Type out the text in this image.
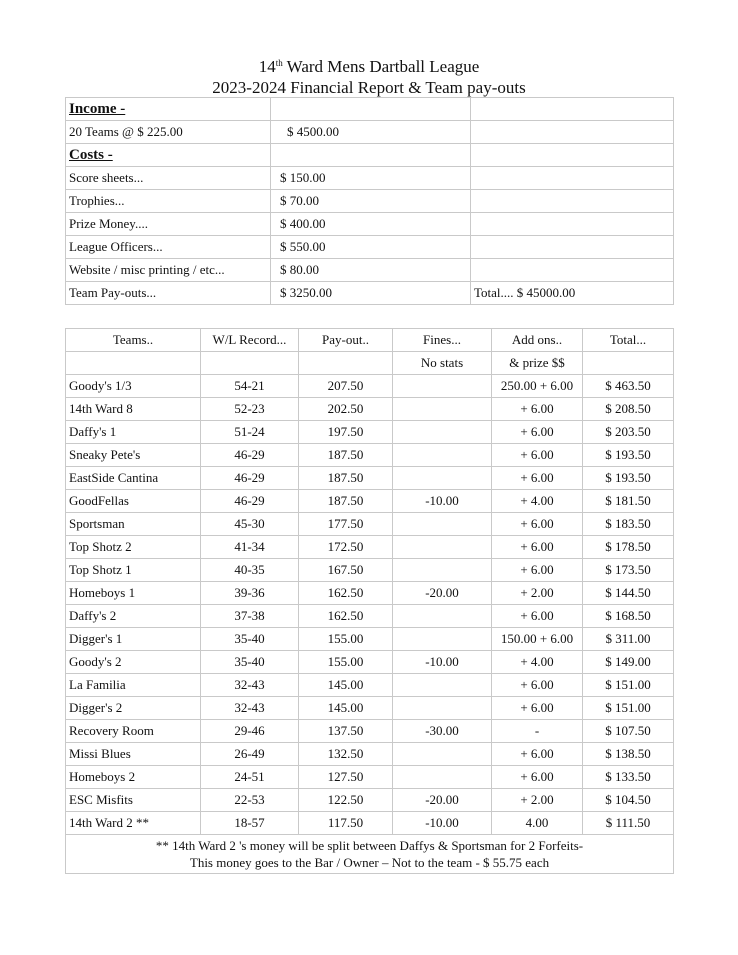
14th Ward Mens Dartball League
2023-2024 Financial Report & Team pay-outs
Income -		
20 Teams @ $ 225.00	$ 4500.00	
Costs -		
Score sheets...	$ 150.00	
Trophies...	$ 70.00	
Prize Money....	$ 400.00	
League Officers...	$ 550.00	
Website / misc printing / etc...	$ 80.00	
Team Pay-outs...	$ 3250.00	Total.... $ 45000.00
Teams..	W/L Record...	Pay-out..	Fines...	Add ons..	Total...
			No stats	& prize $$	
Goody's 1/3	54-21	207.50		250.00 + 6.00	$ 463.50
14th Ward 8	52-23	202.50		+ 6.00	$ 208.50
Daffy's 1	51-24	197.50		+ 6.00	$ 203.50
Sneaky Pete's	46-29	187.50		+ 6.00	$ 193.50
EastSide Cantina	46-29	187.50		+ 6.00	$ 193.50
GoodFellas	46-29	187.50	-10.00	+ 4.00	$ 181.50
Sportsman	45-30	177.50		+ 6.00	$ 183.50
Top Shotz 2	41-34	172.50		+ 6.00	$ 178.50
Top Shotz 1	40-35	167.50		+ 6.00	$ 173.50
Homeboys 1	39-36	162.50	-20.00	+ 2.00	$ 144.50
Daffy's 2	37-38	162.50		+ 6.00	$ 168.50
Digger's 1	35-40	155.00		150.00 + 6.00	$ 311.00
Goody's 2	35-40	155.00	-10.00	+ 4.00	$ 149.00
La Familia	32-43	145.00		+ 6.00	$ 151.00
Digger's 2	32-43	145.00		+ 6.00	$ 151.00
Recovery Room	29-46	137.50	-30.00	-	$ 107.50
Missi Blues	26-49	132.50		+ 6.00	$ 138.50
Homeboys 2	24-51	127.50		+ 6.00	$ 133.50
ESC Misfits	22-53	122.50	-20.00	+ 2.00	$ 104.50
14th Ward 2 **	18-57	117.50	-10.00	4.00	$ 111.50

** 14th Ward 2 's money will be split between Daffys & Sportsman for 2 Forfeits-
This money goes to the Bar / Owner – Not to the team - $ 55.75 each					
